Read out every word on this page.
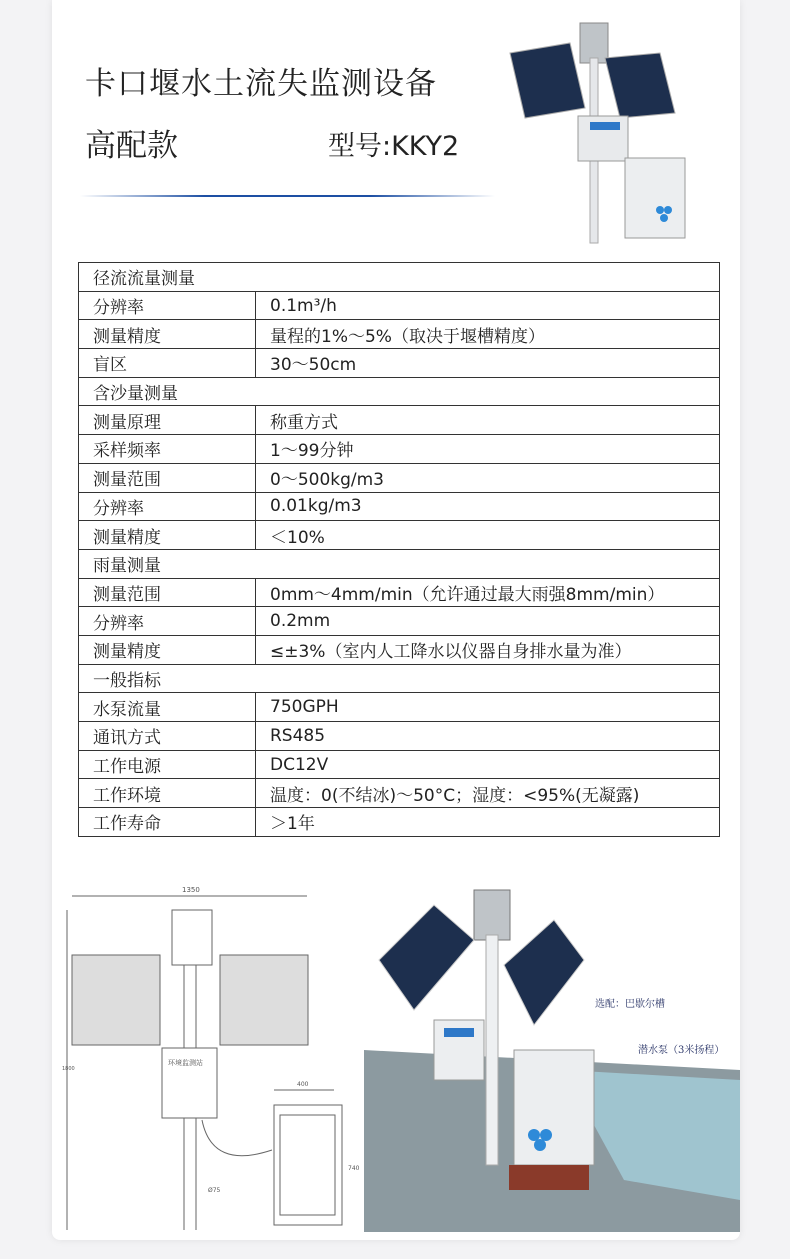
卡口堰水土流失监测设备
高配款	型号:KKY2
径流流量测量	
分辨率	0.1m³/h
测量精度	量程的1%～5%（取决于堰槽精度）
盲区	30～50cm
含沙量测量	
测量原理	称重方式
采样频率	1～99分钟
测量范围	0～500kg/m3
分辨率	0.01kg/m3
测量精度	＜10%
雨量测量	
测量范围	0mm～4mm/min（允许通过最大雨强8mm/min）
分辨率	0.2mm
测量精度	≤±3%（室内人工降水以仪器自身排水量为准）
一般指标	
水泵流量	750GPH
通讯方式	RS485
工作电源	DC12V
工作环境	温度：0(不结冰)～50°C；湿度：<95%(无凝露)
工作寿命	＞1年
1350
400
740
Ø75
1800
环境监测站
选配：巴歇尔槽
潜水泵（3米扬程）
